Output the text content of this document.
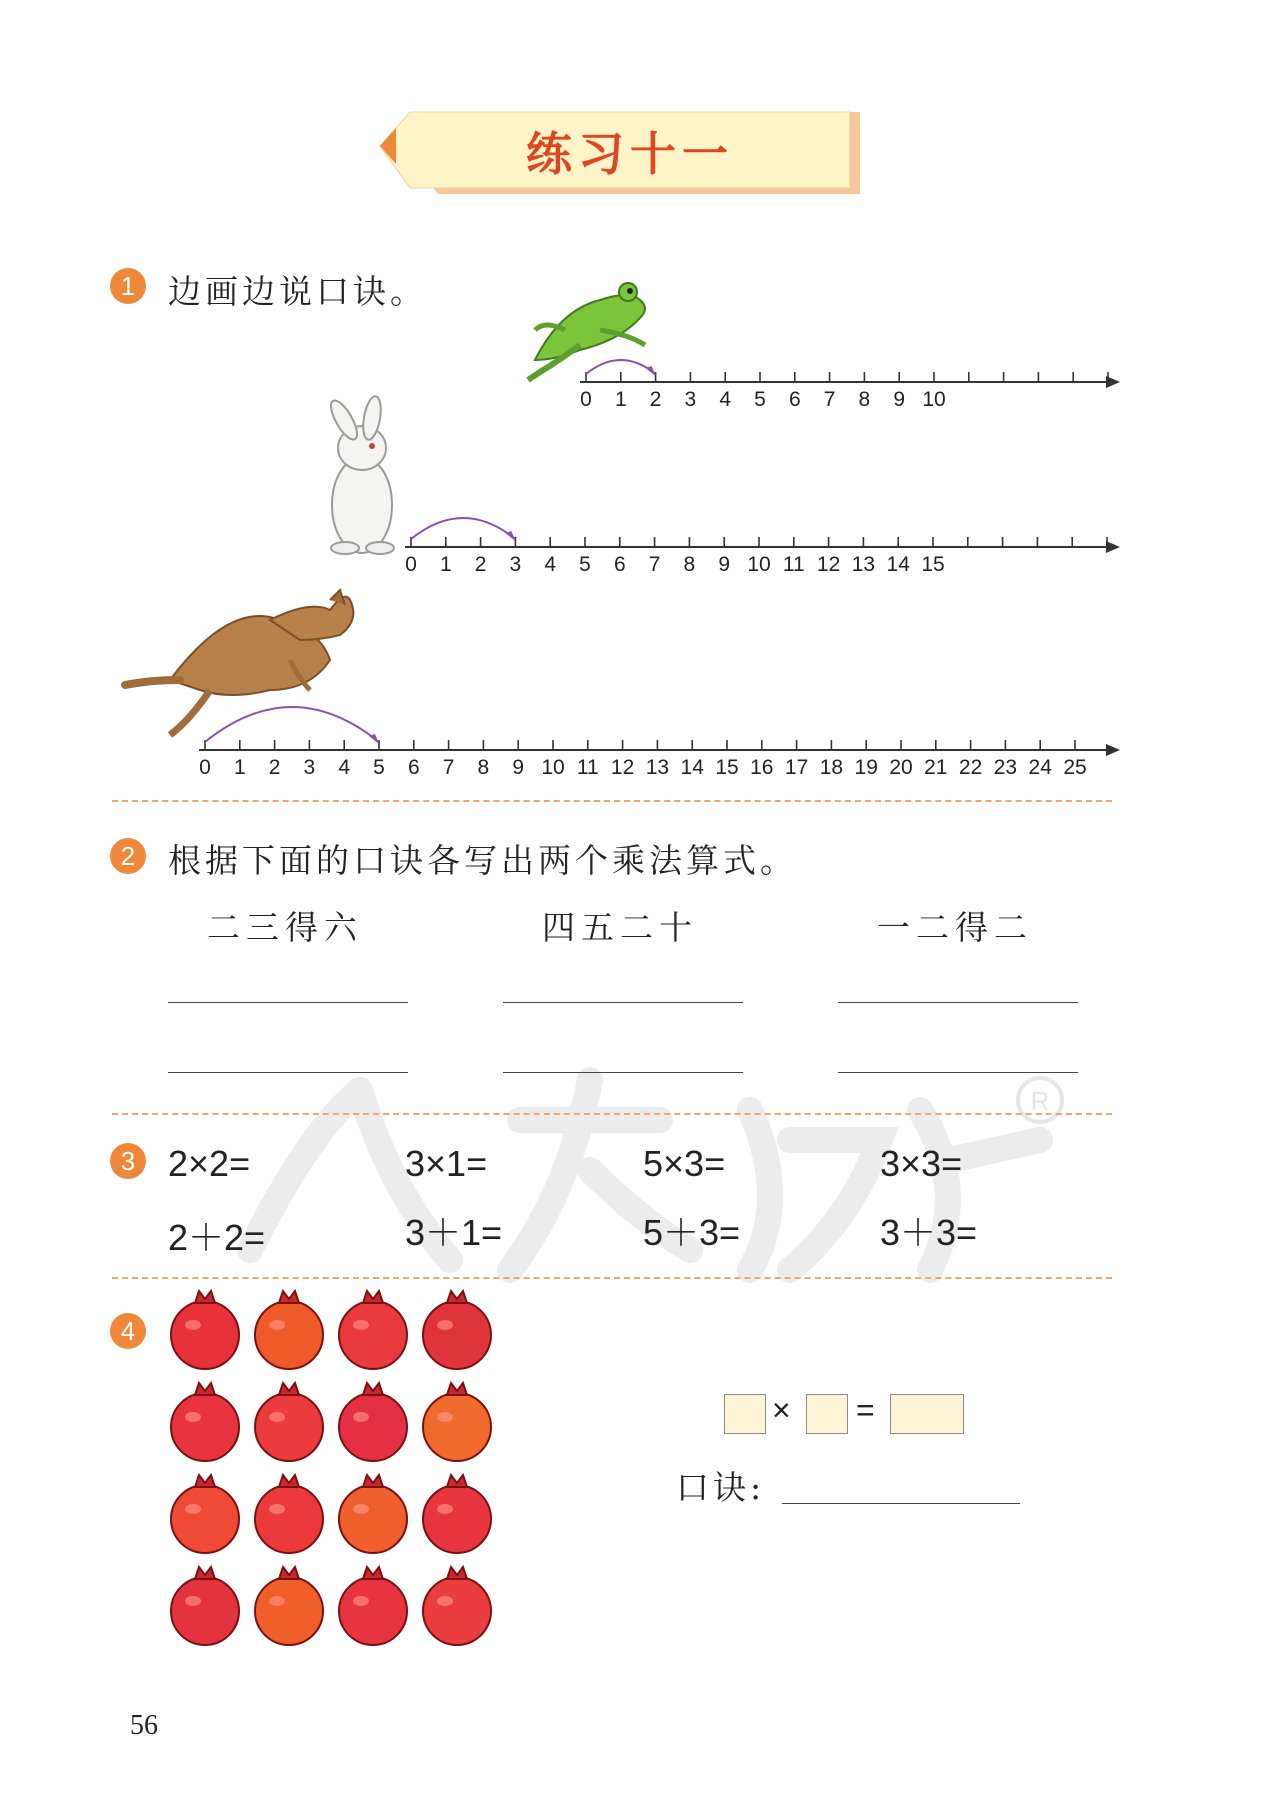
R
练习十一
1 边画边说口诀。
0 1 2 3 4 5 6 7 8 9 10
0 1 2 3 4 5 6 7 8 9 10 11 12 13 14 15
0 1 2 3 4 5 6 7 8 9 10 11 12 13 14 15 16 17 18 19 20 21 22 23 24 25
2 根据下面的口诀各写出两个乘法算式。
二三得六	四五二十	一二得二
3 2×2=	3×1=	5×3=	3×3=
2＋2=	3＋1=	5＋3=	3＋3=
4
× =
口诀:
56
